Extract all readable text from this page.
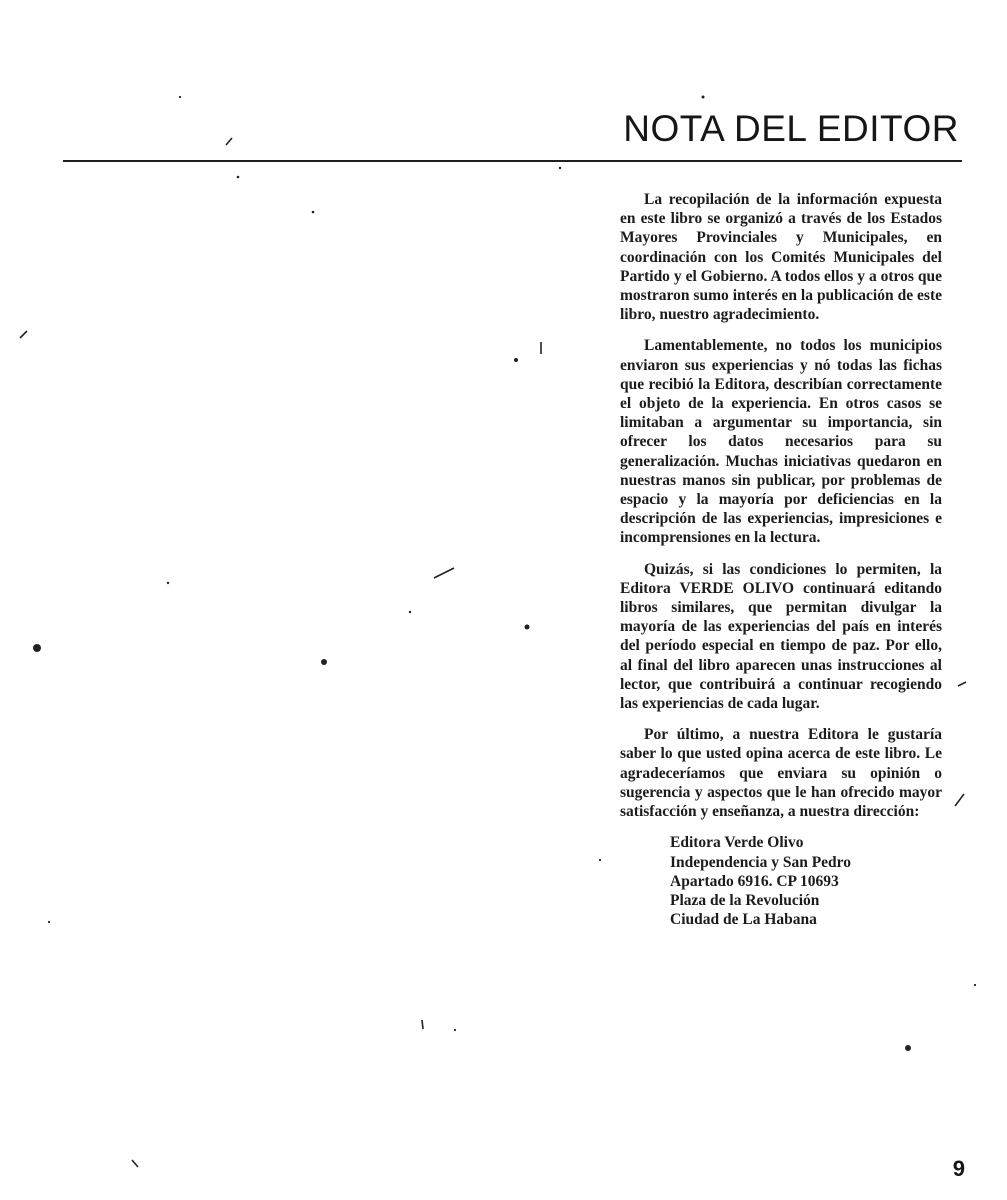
NOTA DEL EDITOR

La recopilación de la información expuesta en este libro se organizó a través de los Estados Mayores Provinciales y Municipales, en coordinación con los Comités Municipales del Partido y el Gobierno. A todos ellos y a otros que mostraron sumo interés en la publicación de este libro, nuestro agradecimiento.

Lamentablemente, no todos los municipios enviaron sus experiencias y nó todas las fichas que recibió la Editora, describían correctamente el objeto de la experiencia. En otros casos se limitaban a argumentar su importancia, sin ofrecer los datos necesarios para su generalización. Muchas iniciativas quedaron en nuestras manos sin publicar, por problemas de espacio y la mayoría por deficiencias en la descripción de las experiencias, impresiciones e incomprensiones en la lectura.

Quizás, si las condiciones lo permiten, la Editora VERDE OLIVO continuará editando libros similares, que permitan divulgar la mayoría de las experiencias del país en interés del período especial en tiempo de paz. Por ello, al final del libro aparecen unas instrucciones al lector, que contribuirá a continuar recogiendo las experiencias de cada lugar.

Por último, a nuestra Editora le gustaría saber lo que usted opina acerca de este libro. Le agradeceríamos que enviara su opinión o sugerencia y aspectos que le han ofrecido mayor satisfacción y enseñanza, a nuestra dirección:

Editora Verde Olivo
Independencia y San Pedro
Apartado 6916. CP 10693
Plaza de la Revolución
Ciudad de La Habana
9
